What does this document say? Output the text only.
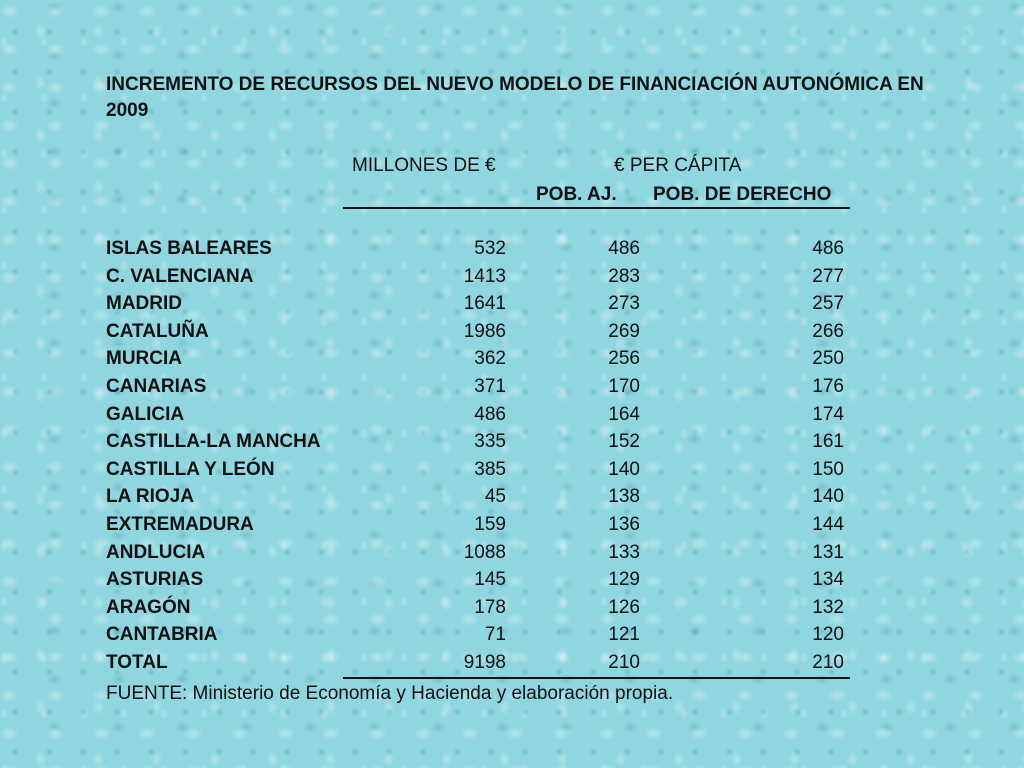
INCREMENTO DE RECURSOS DEL NUEVO MODELO DE FINANCIACIÓN AUTONÓMICA EN 2009
MILLONES DE €	€ PER CÁPITA
POB. AJ. POB. DE DERECHO
ISLAS BALEARES	532	486	486
C. VALENCIANA	1413	283	277
MADRID	1641	273	257
CATALUÑA	1986	269	266
MURCIA	362	256	250
CANARIAS	371	170	176
GALICIA	486	164	174
CASTILLA-LA MANCHA	335	152	161
CASTILLA Y LEÓN	385	140	150
LA RIOJA	45	138	140
EXTREMADURA	159	136	144
ANDLUCIA	1088	133	131
ASTURIAS	145	129	134
ARAGÓN	178	126	132
CANTABRIA	71	121	120
TOTAL	9198	210	210
FUENTE: Ministerio de Economía y Hacienda y elaboración propia.
